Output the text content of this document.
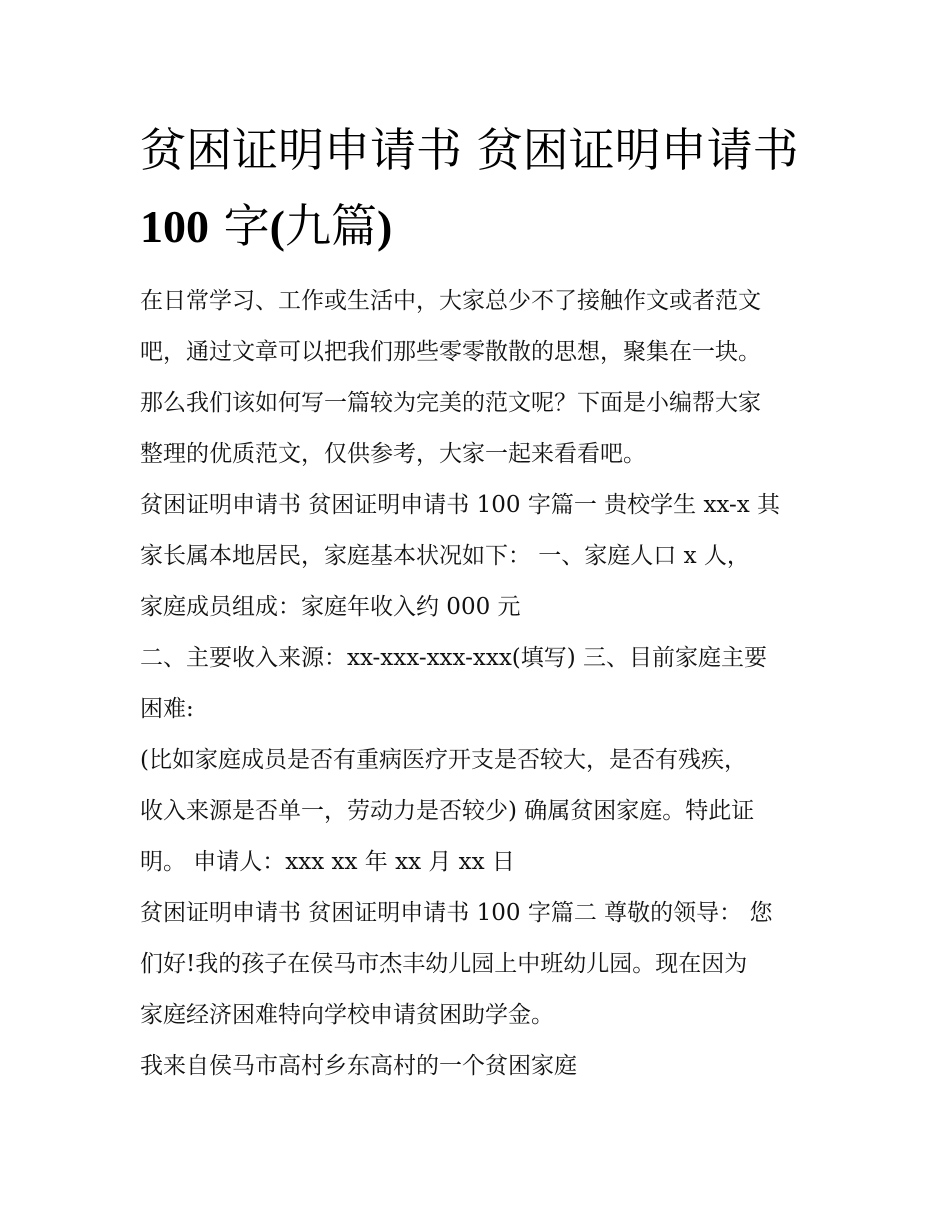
贫困证明申请书 贫困证明申请书100 字(九篇)
在日常学习、工作或生活中，大家总少不了接触作文或者范文
吧，通过文章可以把我们那些零零散散的思想，聚集在一块。
那么我们该如何写一篇较为完美的范文呢？下面是小编帮大家
整理的优质范文，仅供参考，大家一起来看看吧。
贫困证明申请书 贫困证明申请书 100 字篇一 贵校学生 xx-x 其
家长属本地居民，家庭基本状况如下： 一、家庭人口 x 人，
家庭成员组成：家庭年收入约 000 元
二、主要收入来源：xx-xxx-xxx-xxx(填写) 三、目前家庭主要
困难:
(比如家庭成员是否有重病医疗开支是否较大，是否有残疾，
收入来源是否单一，劳动力是否较少) 确属贫困家庭。特此证
明。 申请人：xxx xx 年 xx 月 xx 日
贫困证明申请书 贫困证明申请书 100 字篇二 尊敬的领导： 您
们好!我的孩子在侯马市杰丰幼儿园上中班幼儿园。现在因为
家庭经济困难特向学校申请贫困助学金。
我来自侯马市高村乡东高村的一个贫困家庭
